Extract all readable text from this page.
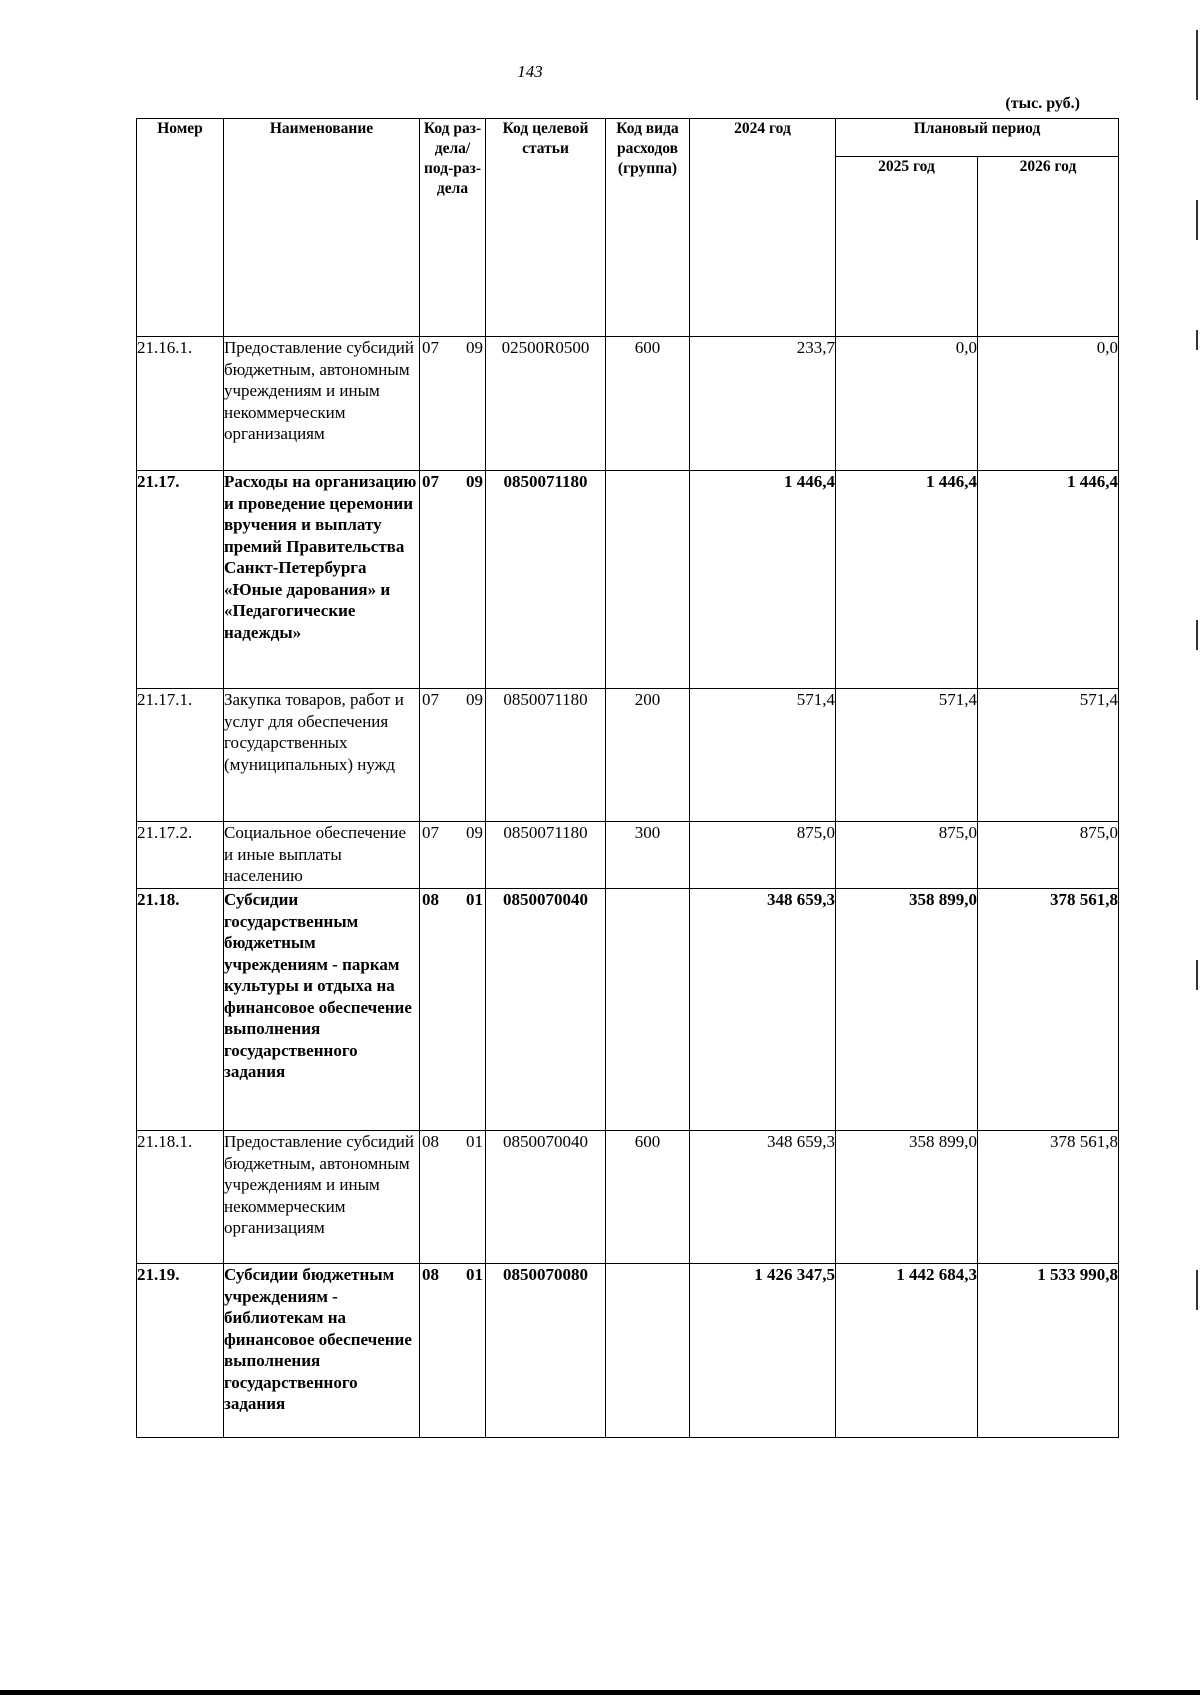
143
(тыс. руб.)
Номер	Наименование	Код раз-дела/ под-раз-дела	Код целевой статьи	Код вида расходов (группа)	2024 год	Плановый период	
						2025 год	2026 год
21.16.1.	Предоставление субсидий бюджетным, автономным учреждениям и иным некоммерческим организациям	07 09	02500R0500	600	233,7	0,0	0,0
21.17.	Расходы на организацию и проведение церемонии вручения и выплату премий Правительства Санкт-Петербурга «Юные дарования» и «Педагогические надежды»	07 09	0850071180		1 446,4	1 446,4	1 446,4
21.17.1.	Закупка товаров, работ и услуг для обеспечения государственных (муниципальных) нужд	07 09	0850071180	200	571,4	571,4	571,4
21.17.2.	Социальное обеспечение и иные выплаты населению	07 09	0850071180	300	875,0	875,0	875,0
21.18.	Субсидии государственным бюджетным учреждениям - паркам культуры и отдыха на финансовое обеспечение выполнения государственного задания	08 01	0850070040		348 659,3	358 899,0	378 561,8
21.18.1.	Предоставление субсидий бюджетным, автономным учреждениям и иным некоммерческим организациям	08 01	0850070040	600	348 659,3	358 899,0	378 561,8
21.19.	Субсидии бюджетным учреждениям - библиотекам на финансовое обеспечение выполнения государственного задания	08 01	0850070080		1 426 347,5	1 442 684,3	1 533 990,8
